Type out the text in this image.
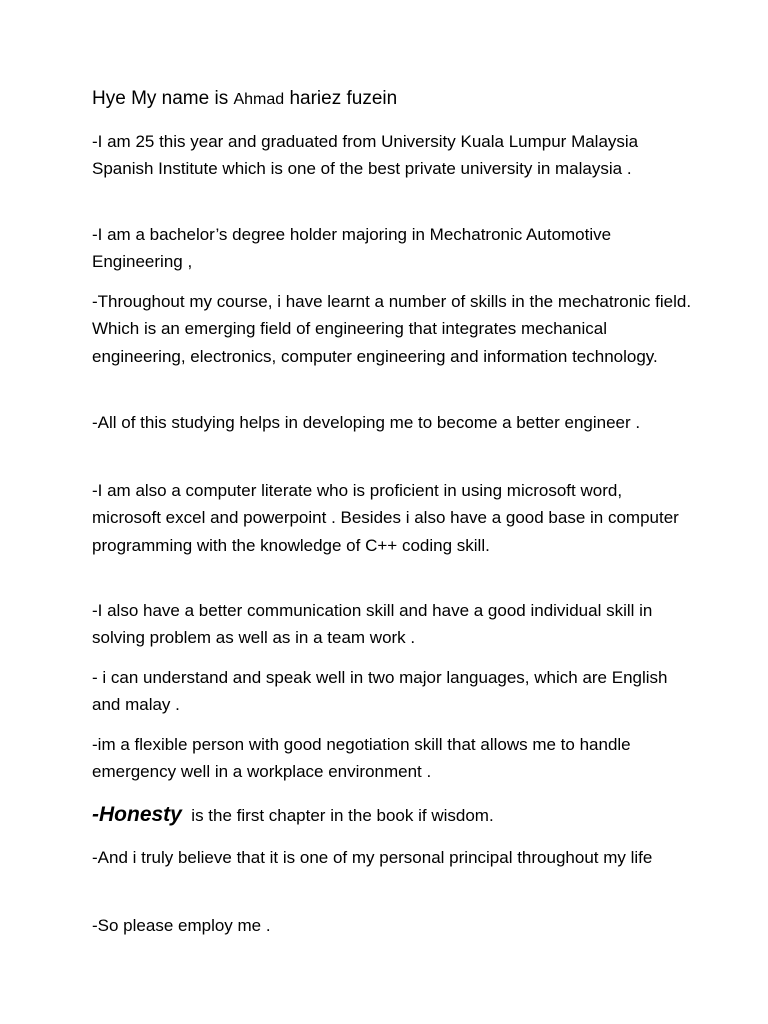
Hye My name is Ahmad hariez fuzein

-I am 25 this year and graduated from University Kuala Lumpur Malaysia Spanish Institute which is one of the best private university in malaysia .

-I am a bachelor’s degree holder majoring in Mechatronic Automotive Engineering ,

-Throughout my course, i have learnt a number of skills in the mechatronic field. Which is an emerging field of engineering that integrates mechanical engineering, electronics, computer engineering and information technology.

-All of this studying helps in developing me to become a better engineer .

-I am also a computer literate who is proficient in using microsoft word, microsoft excel and powerpoint . Besides i also have a good base in computer programming with the knowledge of C++ coding skill.

-I also have a better communication skill and have a good individual skill in solving problem as well as in a team work .

- i can understand and speak well in two major languages, which are English and malay .

-im a flexible person with good negotiation skill that allows me to handle emergency well in a workplace environment .

-Honesty  is the first chapter in the book if wisdom.

-And i truly believe that it is one of my personal principal throughout my life

-So please employ me .
